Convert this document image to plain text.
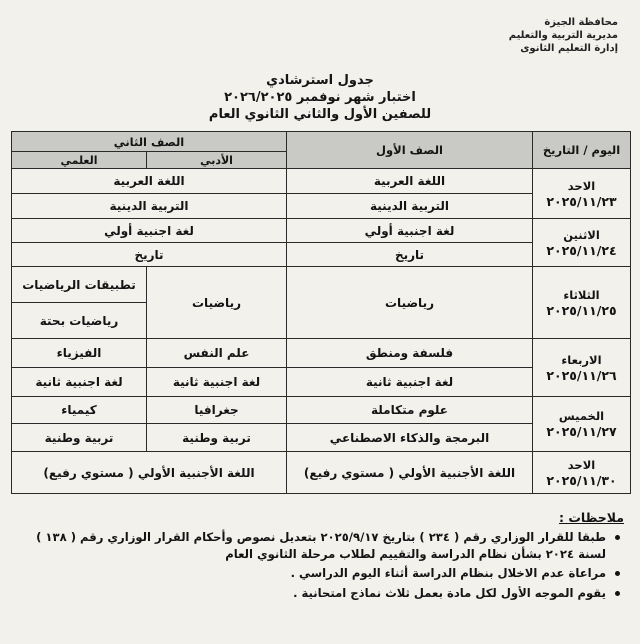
محافظة الجيزة
مديرية التربية والتعليم
إدارة التعليم الثانوى
جدول استرشادي
اختبار شهر نوفمبر ٢٠٢٦/٢٠٢٥
للصفين الأول والثاني الثانوي العام
اليوم / التاريخ	الصف الأول	الصف الثاني	
		الأدبي	العلمي

الاحد
٢٠٢٥/١١/٢٣	اللغة العربية	اللغة العربية	
	التربية الدينية	التربية الدينية	

الاثنين
٢٠٢٥/١١/٢٤	لغة اجنبية أولي	لغة اجنبية أولي	
	تاريخ	تاريخ	

الثلاثاء
٢٠٢٥/١١/٢٥	رياضيات	رياضيات	تطبيقات الرياضيات
			رياضيات بحتة

الاربعاء
٢٠٢٥/١١/٢٦	فلسفة ومنطق	علم النفس	الفيزياء
	لغة اجنبية ثانية	لغة اجنبية ثانية	لغة اجنبية ثانية

الخميس
٢٠٢٥/١١/٢٧	علوم متكاملة	جغرافيا	كيمياء
	البرمجة والذكاء الاصطناعي	تربية وطنية	تربية وطنية

الاحد
٢٠٢٥/١١/٣٠	اللغة الأجنبية الأولي ( مستوي رفيع)	اللغة الأجنبية الأولي ( مستوي رفيع)	
ملاحظات :
طبقا للقرار الوزاري رقم ( ٢٣٤ ) بتاريخ ٢٠٢٥/٩/١٧ بتعديل نصوص وأحكام القرار الوزاري رقم ( ١٣٨ ) لسنة ٢٠٢٤ بشأن نظام الدراسة والتقييم لطلاب مرحلة الثانوي العام
مراعاة عدم الاخلال بنظام الدراسة أثناء اليوم الدراسي .
يقوم الموجه الأول لكل مادة بعمل ثلاث نماذج امتحانية .
